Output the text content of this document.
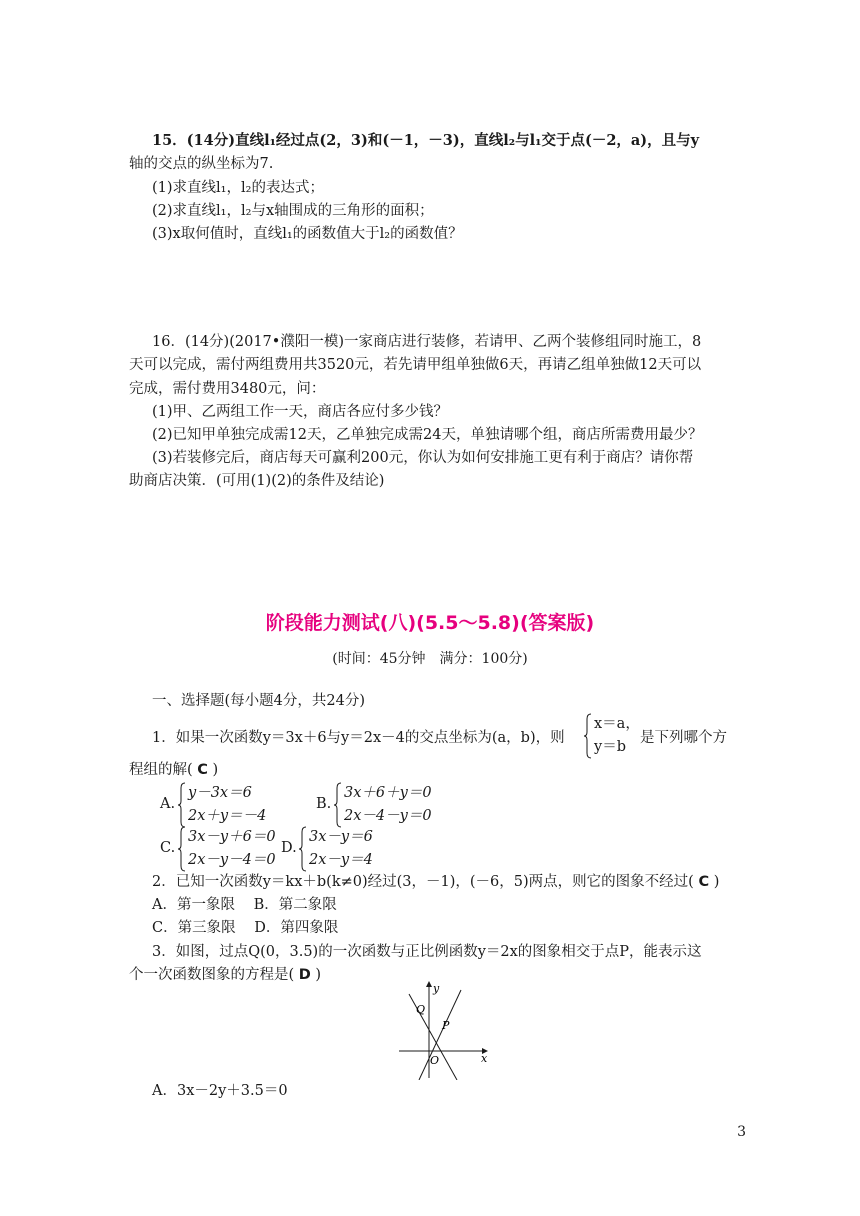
15．(14分)直线l₁经过点(2，3)和(－1，－3)，直线l₂与l₁交于点(－2，a)，且与y
轴的交点的纵坐标为7.
(1)求直线l₁，l₂的表达式；
(2)求直线l₁，l₂与x轴围成的三角形的面积；
(3)x取何值时，直线l₁的函数值大于l₂的函数值？
16．(14分)(2017•濮阳一模)一家商店进行装修，若请甲、乙两个装修组同时施工，8
天可以完成，需付两组费用共3520元，若先请甲组单独做6天，再请乙组单独做12天可以
完成，需付费用3480元，问：
(1)甲、乙两组工作一天，商店各应付多少钱？
(2)已知甲单独完成需12天，乙单独完成需24天，单独请哪个组，商店所需费用最少？
(3)若装修完后，商店每天可赢利200元，你认为如何安排施工更有利于商店？请你帮
助商店决策．(可用(1)(2)的条件及结论)
阶段能力测试(八)(5.5～5.8)(答案版)
(时间：45分钟　满分：100分)
一、选择题(每小题4分，共24分)
1．如果一次函数y＝3x＋6与y＝2x－4的交点坐标为(a，b)，则
x＝a，
y＝b
是下列哪个方
程组的解( C )
A.
y－3x＝6
2x＋y＝－4
B.
3x＋6＋y＝0
2x－4－y＝0
C.
3x－y＋6＝0
2x－y－4＝0
D.
3x－y＝6
2x－y＝4
2．已知一次函数y＝kx＋b(k≠0)经过(3，－1)，(－6，5)两点，则它的图象不经过( C )
A．第一象限 B．第二象限
C．第三象限 D．第四象限
3．如图，过点Q(0，3.5)的一次函数与正比例函数y＝2x的图象相交于点P，能表示这
个一次函数图象的方程是( D )
y
x
Q
P
O
A．3x－2y＋3.5＝0
3
